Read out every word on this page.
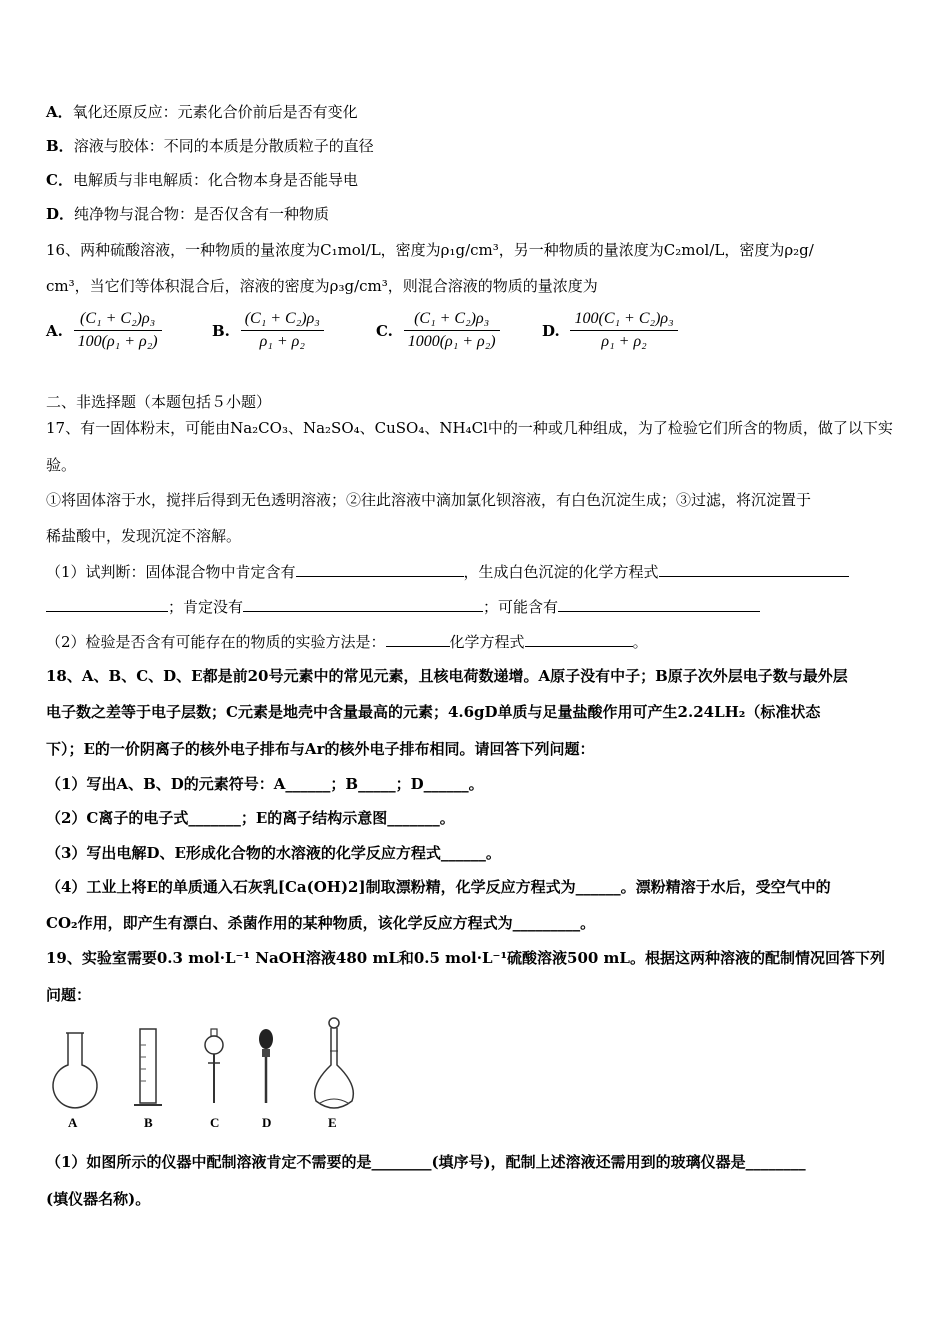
A．氧化还原反应：元素化合价前后是否有变化
B．溶液与胶体：不同的本质是分散质粒子的直径
C．电解质与非电解质：化合物本身是否能导电
D．纯净物与混合物：是否仅含有一种物质
16、两种硫酸溶液，一种物质的量浓度为C₁mol/L，密度为ρ₁g/cm³，另一种物质的量浓度为C₂mol/L，密度为ρ₂g/
cm³，当它们等体积混合后，溶液的密度为ρ₃g/cm³，则混合溶液的物质的量浓度为
A. $\frac{\text{(C₁ + C₂)ρ₃}}{\text{100(ρ₁ + ρ₂)}}$	B. $\frac{\text{(C₁ + C₂)ρ₃}}{\text{ρ₁ + ρ₂}}$	C. $\frac{\text{(C₁ + C₂)ρ₃}}{\text{1000(ρ₁ + ρ₂)}}$	D. $\frac{\text{100(C₁ + C₂)ρ₃}}{\text{ρ₁ + ρ₂}}$
二、非选择题（本题包括５小题）
17、有一固体粉末，可能由Na₂CO₃、Na₂SO₄、CuSO₄、NH₄Cl中的一种或几种组成，为了检验它们所含的物质，做了以下实
验。
①将固体溶于水，搅拌后得到无色透明溶液；②往此溶液中滴加氯化钡溶液，有白色沉淀生成；③过滤，将沉淀置于
稀盐酸中，发现沉淀不溶解。
（1）试判断：固体混合物中肯定含有	，生成白色沉淀的化学方程式
；肯定没有	；可能含有
（2）检验是否含有可能存在的物质的实验方法是：	化学方程式	。
18、A、B、C、D、E都是前20号元素中的常见元素，且核电荷数递增。A原子没有中子；B原子次外层电子数与最外层
电子数之差等于电子层数；C元素是地壳中含量最高的元素；4.6gD单质与足量盐酸作用可产生2.24LH₂（标准状态
下）；E的一价阴离子的核外电子排布与Ar的核外电子排布相同。请回答下列问题：
（1）写出A、B、D的元素符号：A______；B_____；D______。
（2）C离子的电子式_______；E的离子结构示意图_______。
（3）写出电解D、E形成化合物的水溶液的化学反应方程式______。
（4）工业上将E的单质通入石灰乳[Ca(OH)2]制取漂粉精，化学反应方程式为______。漂粉精溶于水后，受空气中的
CO₂作用，即产生有漂白、杀菌作用的某种物质，该化学反应方程式为_________。
19、实验室需要0.3 mol·L⁻¹ NaOH溶液480 mL和0.5 mol·L⁻¹硫酸溶液500 mL。根据这两种溶液的配制情况回答下列
问题：
A	B	C	D	E
（1）如图所示的仪器中配制溶液肯定不需要的是________(填序号)，配制上述溶液还需用到的玻璃仪器是________
(填仪器名称)。
